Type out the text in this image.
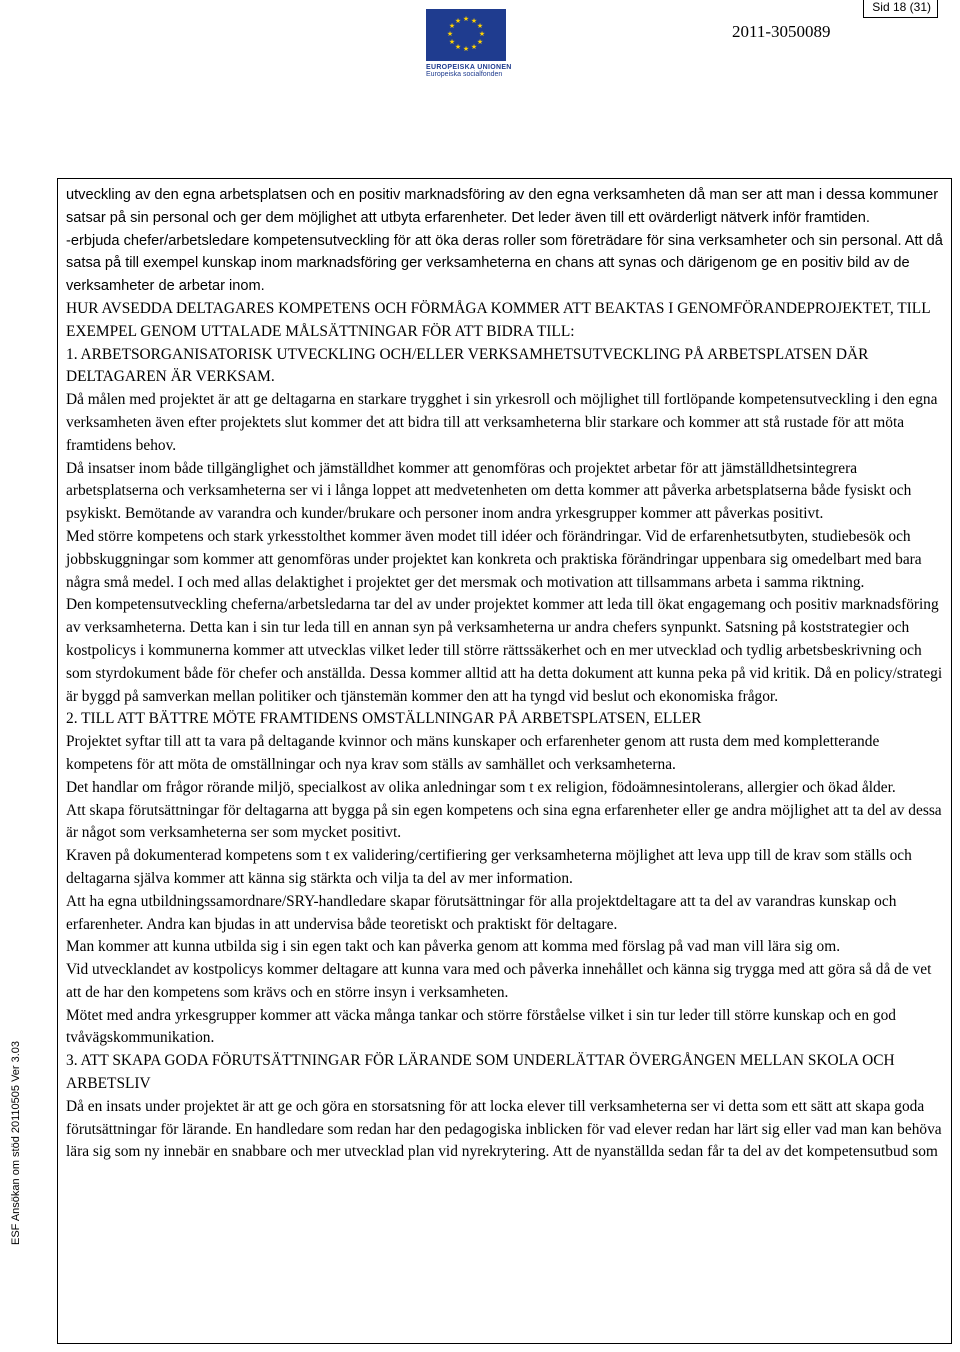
Sid 18 (31)
★ ★
★
★
★
★
★
★
★
★
★
★
EUROPEISKA UNIONEN
Europeiska socialfonden
2011-3050089
ESF Ansökan om stöd 20110505 Ver 3.03

utveckling av den egna arbetsplatsen och en positiv marknadsföring av den egna verksamheten då man ser att man i dessa kommuner satsar på sin personal och ger dem möjlighet att utbyta erfarenheter. Det leder även till ett ovärderligt nätverk inför framtiden.

-erbjuda chefer/arbetsledare kompetensutveckling för att öka deras roller som företrädare för sina verksamheter och sin personal. Att då satsa på till exempel kunskap inom marknadsföring ger verksamheterna en chans att synas och därigenom ge en positiv bild av de verksamheter de arbetar inom.

HUR AVSEDDA DELTAGARES KOMPETENS OCH FÖRMÅGA KOMMER ATT BEAKTAS I GENOMFÖRANDEPROJEKTET, TILL EXEMPEL GENOM UTTALADE MÅLSÄTTNINGAR FÖR ATT BIDRA TILL:

1. ARBETSORGANISATORISK UTVECKLING OCH/ELLER VERKSAMHETSUTVECKLING PÅ ARBETSPLATSEN DÄR DELTAGAREN ÄR VERKSAM.

Då målen med projektet är att ge deltagarna en starkare trygghet i sin yrkesroll och möjlighet till fortlöpande kompetensutveckling i den egna verksamheten även efter projektets slut kommer det att bidra till att verksamheterna blir starkare och kommer att stå rustade för att möta framtidens behov.

Då insatser inom både tillgänglighet och jämställdhet kommer att genomföras och projektet arbetar för att jämställdhetsintegrera arbetsplatserna och verksamheterna ser vi i långa loppet att medvetenheten om detta kommer att påverka arbetsplatserna både fysiskt och psykiskt. Bemötande av varandra och kunder/brukare och personer inom andra yrkesgrupper kommer att påverkas positivt.

Med större kompetens och stark yrkesstolthet kommer även modet till idéer och förändringar. Vid de erfarenhetsutbyten, studiebesök och jobbskuggningar som kommer att genomföras under projektet kan konkreta och praktiska förändringar uppenbara sig omedelbart med bara några små medel. I och med allas delaktighet i projektet ger det mersmak och motivation att tillsammans arbeta i samma riktning.

Den kompetensutveckling cheferna/arbetsledarna tar del av under projektet kommer att leda till ökat engagemang och positiv marknadsföring av verksamheterna. Detta kan i sin tur leda till en annan syn på verksamheterna ur andra chefers synpunkt. Satsning på koststrategier och kostpolicys i kommunerna kommer att utvecklas vilket leder till större rättssäkerhet och en mer utvecklad och tydlig arbetsbeskrivning och som styrdokument både för chefer och anställda. Dessa kommer alltid att ha detta dokument att kunna peka på vid kritik. Då en policy/strategi är byggd på samverkan mellan politiker och tjänstemän kommer den att ha tyngd vid beslut och ekonomiska frågor.

2. TILL ATT BÄTTRE MÖTE FRAMTIDENS OMSTÄLLNINGAR PÅ ARBETSPLATSEN, ELLER

Projektet syftar till att ta vara på deltagande kvinnor och mäns kunskaper och erfarenheter genom att rusta dem med kompletterande kompetens för att möta de omställningar och nya krav som ställs av samhället och verksamheterna.

Det handlar om frågor rörande miljö, specialkost av olika anledningar som t ex religion, födoämnesintolerans, allergier och ökad ålder.

Att skapa förutsättningar för deltagarna att bygga på sin egen kompetens och sina egna erfarenheter eller ge andra möjlighet att ta del av dessa är något som verksamheterna ser som mycket positivt.

Kraven på dokumenterad kompetens som t ex validering/certifiering ger verksamheterna möjlighet att leva upp till de krav som ställs och deltagarna själva kommer att känna sig stärkta och vilja ta del av mer information.

Att ha egna utbildningssamordnare/SRY-handledare skapar förutsättningar för alla projektdeltagare att ta del av varandras kunskap och erfarenheter. Andra kan bjudas in att undervisa både teoretiskt och praktiskt för deltagare.

Man kommer att kunna utbilda sig i sin egen takt och kan påverka genom att komma med förslag på vad man vill lära sig om.

Vid utvecklandet av kostpolicys kommer deltagare att kunna vara med och påverka innehållet och känna sig trygga med att göra så då de vet att de har den kompetens som krävs och en större insyn i verksamheten.

Mötet med andra yrkesgrupper kommer att väcka många tankar och större förståelse vilket i sin tur leder till större kunskap och en god tvåvägskommunikation.

3. ATT SKAPA GODA FÖRUTSÄTTNINGAR FÖR LÄRANDE SOM UNDERLÄTTAR ÖVERGÅNGEN MELLAN SKOLA OCH ARBETSLIV

Då en insats under projektet är att ge och göra en storsatsning för att locka elever till verksamheterna ser vi detta som ett sätt att skapa goda förutsättningar för lärande. En handledare som redan har den pedagogiska inblicken för vad elever redan har lärt sig eller vad man kan behöva lära sig som ny innebär en snabbare och mer utvecklad plan vid nyrekrytering. Att de nyanställda sedan får ta del av det kompetensutbud som
